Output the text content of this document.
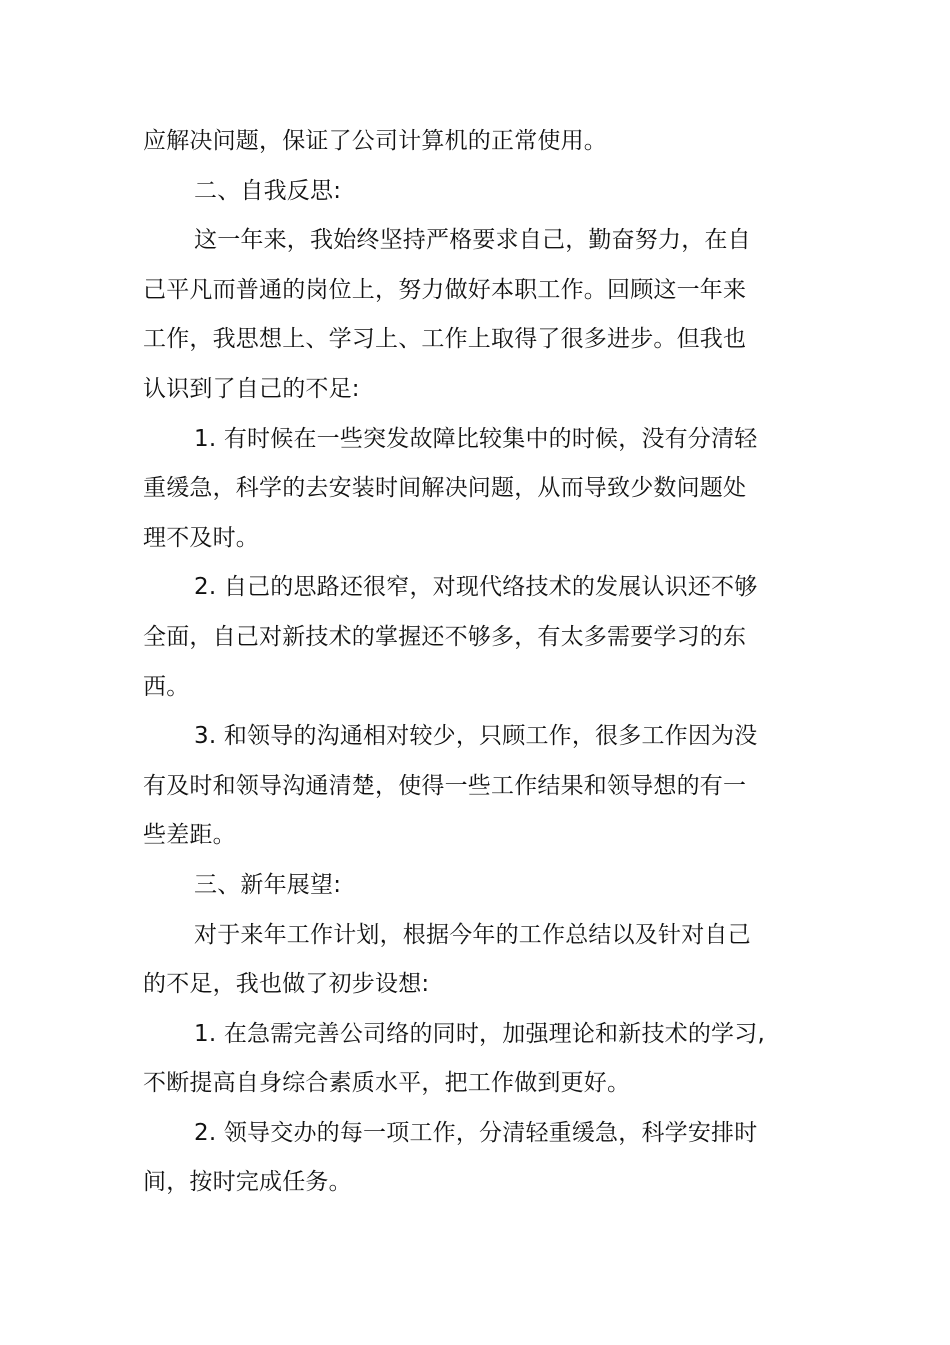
应解决问题，保证了公司计算机的正常使用。
二、自我反思:
这一年来，我始终坚持严格要求自己，勤奋努力，在自
己平凡而普通的岗位上，努力做好本职工作。回顾这一年来
工作，我思想上、学习上、工作上取得了很多进步。但我也
认识到了自己的不足:
1. 有时候在一些突发故障比较集中的时候，没有分清轻
重缓急，科学的去安装时间解决问题，从而导致少数问题处
理不及时。
2. 自己的思路还很窄，对现代络技术的发展认识还不够
全面，自己对新技术的掌握还不够多，有太多需要学习的东
西。
3. 和领导的沟通相对较少，只顾工作，很多工作因为没
有及时和领导沟通清楚，使得一些工作结果和领导想的有一
些差距。
三、新年展望:
对于来年工作计划，根据今年的工作总结以及针对自己
的不足，我也做了初步设想:
1. 在急需完善公司络的同时，加强理论和新技术的学习,
不断提高自身综合素质水平，把工作做到更好。
2. 领导交办的每一项工作，分清轻重缓急，科学安排时
间，按时完成任务。
